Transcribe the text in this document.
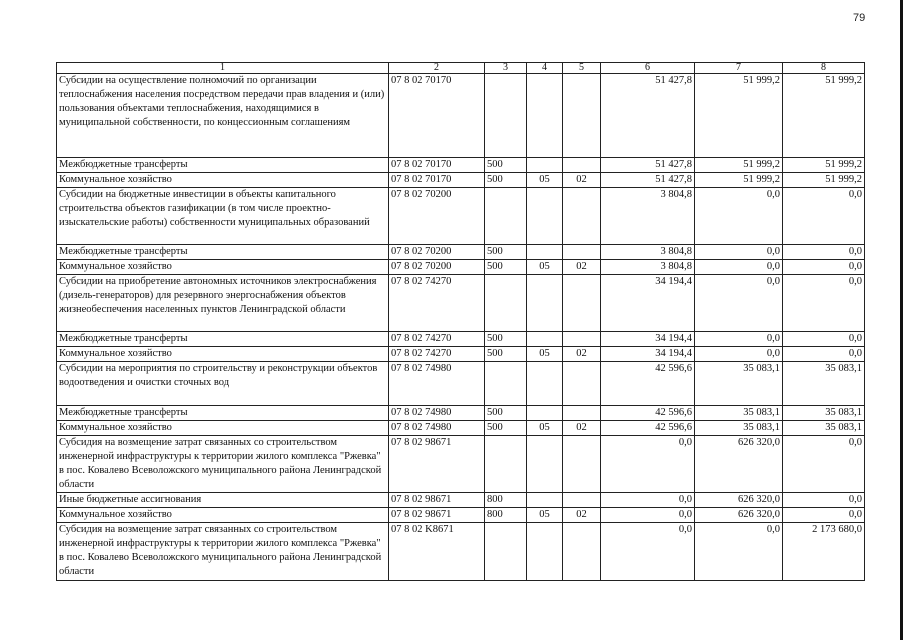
79
1	2	3	4	5	6	7	8
Субсидии на осуществление полномочий по организации теплоснабжения населения посредством передачи прав владения и (или) пользования объектами теплоснабжения, находящимися в муниципальной собственности, по концессионным соглашениям	07 8 02 70170				51 427,8	51 999,2	51 999,2
Межбюджетные трансферты	07 8 02 70170	500			51 427,8	51 999,2	51 999,2
Коммунальное хозяйство	07 8 02 70170	500	05	02	51 427,8	51 999,2	51 999,2
Субсидии на бюджетные инвестиции в объекты капитального строительства объектов газификации (в том числе проектно-изыскательские работы) собственности муниципальных образований	07 8 02 70200				3 804,8	0,0	0,0
Межбюджетные трансферты	07 8 02 70200	500			3 804,8	0,0	0,0
Коммунальное хозяйство	07 8 02 70200	500	05	02	3 804,8	0,0	0,0
Субсидии на приобретение автономных источников электроснабжения (дизель-генераторов) для резервного энергоснабжения объектов жизнеобеспечения населенных пунктов Ленинградской области	07 8 02 74270				34 194,4	0,0	0,0
Межбюджетные трансферты	07 8 02 74270	500			34 194,4	0,0	0,0
Коммунальное хозяйство	07 8 02 74270	500	05	02	34 194,4	0,0	0,0
Субсидии на мероприятия по строительству и реконструкции объектов водоотведения и очистки сточных вод	07 8 02 74980				42 596,6	35 083,1	35 083,1
Межбюджетные трансферты	07 8 02 74980	500			42 596,6	35 083,1	35 083,1
Коммунальное хозяйство	07 8 02 74980	500	05	02	42 596,6	35 083,1	35 083,1
Субсидия на возмещение затрат связанных со строительством инженерной инфраструктуры к территории жилого комплекса "Ржевка" в пос. Ковалево Всеволожского муниципального района Ленинградской области	07 8 02 98671				0,0	626 320,0	0,0
Иные бюджетные ассигнования	07 8 02 98671	800			0,0	626 320,0	0,0
Коммунальное хозяйство	07 8 02 98671	800	05	02	0,0	626 320,0	0,0
Субсидия на возмещение затрат связанных со строительством инженерной инфраструктуры к территории жилого комплекса "Ржевка" в пос. Ковалево Всеволожского муниципального района Ленинградской области	07 8 02 K8671				0,0	0,0	2 173 680,0
